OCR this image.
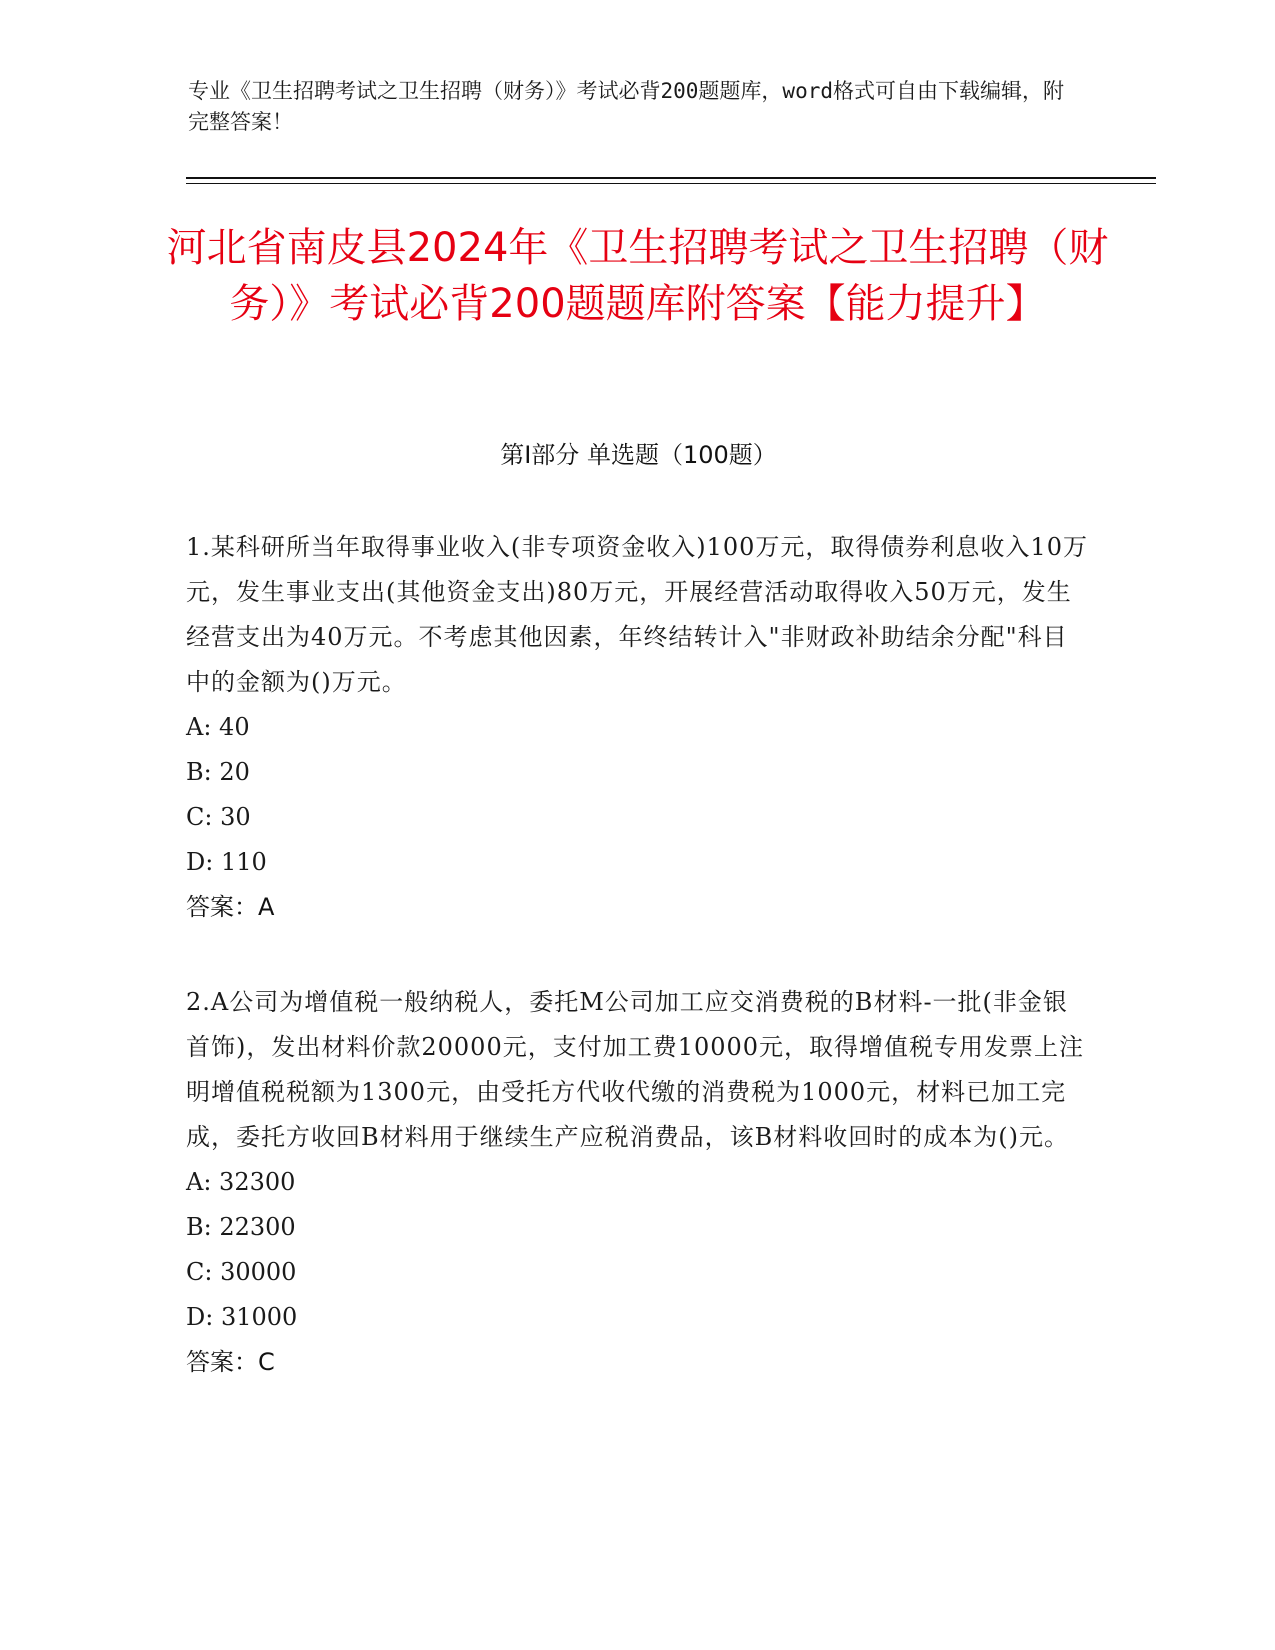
专业《卫生招聘考试之卫生招聘（财务）》考试必背200题题库，word格式可自由下载编辑，附完整答案！
河北省南皮县2024年《卫生招聘考试之卫生招聘（财务）》考试必背200题题库附答案【能力提升】
第I部分 单选题（100题）

1.某科研所当年取得事业收入(非专项资金收入)100万元，取得债券利息收入10万元，发生事业支出(其他资金支出)80万元，开展经营活动取得收入50万元，发生经营支出为40万元。不考虑其他因素，年终结转计入"非财政补助结余分配"科目中的金额为()万元。

A: 40

B: 20

C: 30

D: 110

答案：A

2.A公司为增值税一般纳税人，委托M公司加工应交消费税的B材料-一批(非金银首饰)，发出材料价款20000元，支付加工费10000元，取得增值税专用发票上注明增值税税额为1300元，由受托方代收代缴的消费税为1000元，材料已加工完成，委托方收回B材料用于继续生产应税消费品，该B材料收回时的成本为()元。

A: 32300

B: 22300

C: 30000

D: 31000

答案：C
